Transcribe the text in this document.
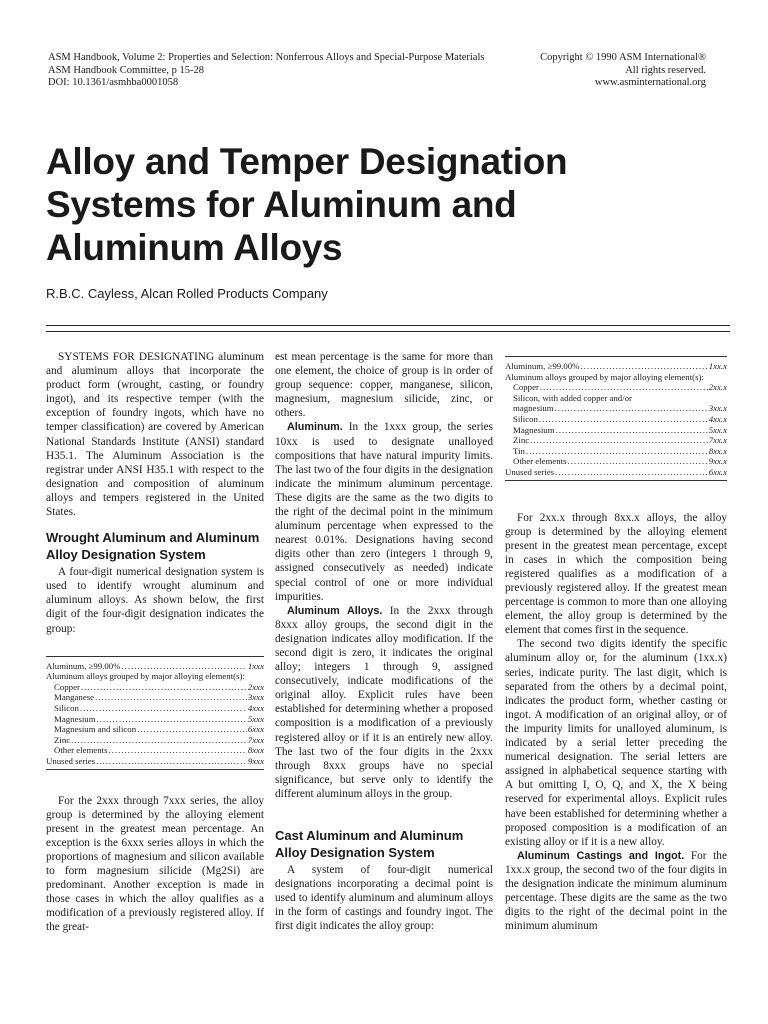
ASM Handbook, Volume 2: Properties and Selection: Nonferrous Alloys and Special-Purpose Materials
ASM Handbook Committee, p 15-28
DOI: 10.1361/asmhba0001058
Copyright © 1990 ASM International®
All rights reserved.
www.asminternational.org
Alloy and Temper Designation Systems for Aluminum and Aluminum Alloys

R.B.C. Cayless, Alcan Rolled Products Company

SYSTEMS FOR DESIGNATING aluminum and aluminum alloys that incorporate the product form (wrought, casting, or foundry ingot), and its respective temper (with the exception of foundry ingots, which have no temper classification) are covered by American National Standards Institute (ANSI) standard H35.1. The Aluminum Association is the registrar under ANSI H35.1 with respect to the designation and composition of aluminum alloys and tempers registered in the United States.

Wrought Aluminum and Aluminum Alloy Designation System

A four-digit numerical designation system is used to identify wrought aluminum and aluminum alloys. As shown below, the first digit of the four-digit designation indicates the group:

Aluminum, ≥99.00% .....	1xxx
Aluminum alloys grouped by major alloying element(s):
Copper .....	2xxx
Manganese .....	3xxx
Silicon .....	4xxx
Magnesium .....	5xxx
Magnesium and silicon .....	6xxx
Zinc .....	7xxx
Other elements .....	8xxx
Unused series .....	9xxx

For the 2xxx through 7xxx series, the alloy group is determined by the alloying element present in the greatest mean percentage. An exception is the 6xxx series alloys in which the proportions of magnesium and silicon available to form magnesium silicide (Mg2Si) are predominant. Another exception is made in those cases in which the alloy qualifies as a modification of a previously registered alloy. If the great-

est mean percentage is the same for more than one element, the choice of group is in order of group sequence: copper, manganese, silicon, magnesium, magnesium silicide, zinc, or others.

Aluminum. In the 1xxx group, the series 10xx is used to designate unalloyed compositions that have natural impurity limits. The last two of the four digits in the designation indicate the minimum aluminum percentage. These digits are the same as the two digits to the right of the decimal point in the minimum aluminum percentage when expressed to the nearest 0.01%. Designations having second digits other than zero (integers 1 through 9, assigned consecutively as needed) indicate special control of one or more individual impurities.

Aluminum Alloys. In the 2xxx through 8xxx alloy groups, the second digit in the designation indicates alloy modification. If the second digit is zero, it indicates the original alloy; integers 1 through 9, assigned consecutively, indicate modifications of the original alloy. Explicit rules have been established for determining whether a proposed composition is a modification of a previously registered alloy or if it is an entirely new alloy. The last two of the four digits in the 2xxx through 8xxx groups have no special significance, but serve only to identify the different aluminum alloys in the group.

Cast Aluminum and Aluminum Alloy Designation System

A system of four-digit numerical designations incorporating a decimal point is used to identify aluminum and aluminum alloys in the form of castings and foundry ingot. The first digit indicates the alloy group:

Aluminum, ≥99.00% .....	1xx.x
Aluminum alloys grouped by major alloying element(s):
Copper .....	2xx.x
Silicon, with added copper and/or
magnesium .....	3xx.x
Silicon .....	4xx.x
Magnesium .....	5xx.x
Zinc .....	7xx.x
Tin .....	8xx.x
Other elements .....	9xx.x
Unused series .....	6xx.x

For 2xx.x through 8xx.x alloys, the alloy group is determined by the alloying element present in the greatest mean percentage, except in cases in which the composition being registered qualifies as a modification of a previously registered alloy. If the greatest mean percentage is common to more than one alloying element, the alloy group is determined by the element that comes first in the sequence.

The second two digits identify the specific aluminum alloy or, for the aluminum (1xx.x) series, indicate purity. The last digit, which is separated from the others by a decimal point, indicates the product form, whether casting or ingot. A modification of an original alloy, or of the impurity limits for unalloyed aluminum, is indicated by a serial letter preceding the numerical designation. The serial letters are assigned in alphabetical sequence starting with A but omitting I, O, Q, and X, the X being reserved for experimental alloys. Explicit rules have been established for determining whether a proposed composition is a modification of an existing alloy or if it is a new alloy.

Aluminum Castings and Ingot. For the 1xx.x group, the second two of the four digits in the designation indicate the minimum aluminum percentage. These digits are the same as the two digits to the right of the decimal point in the minimum aluminum
